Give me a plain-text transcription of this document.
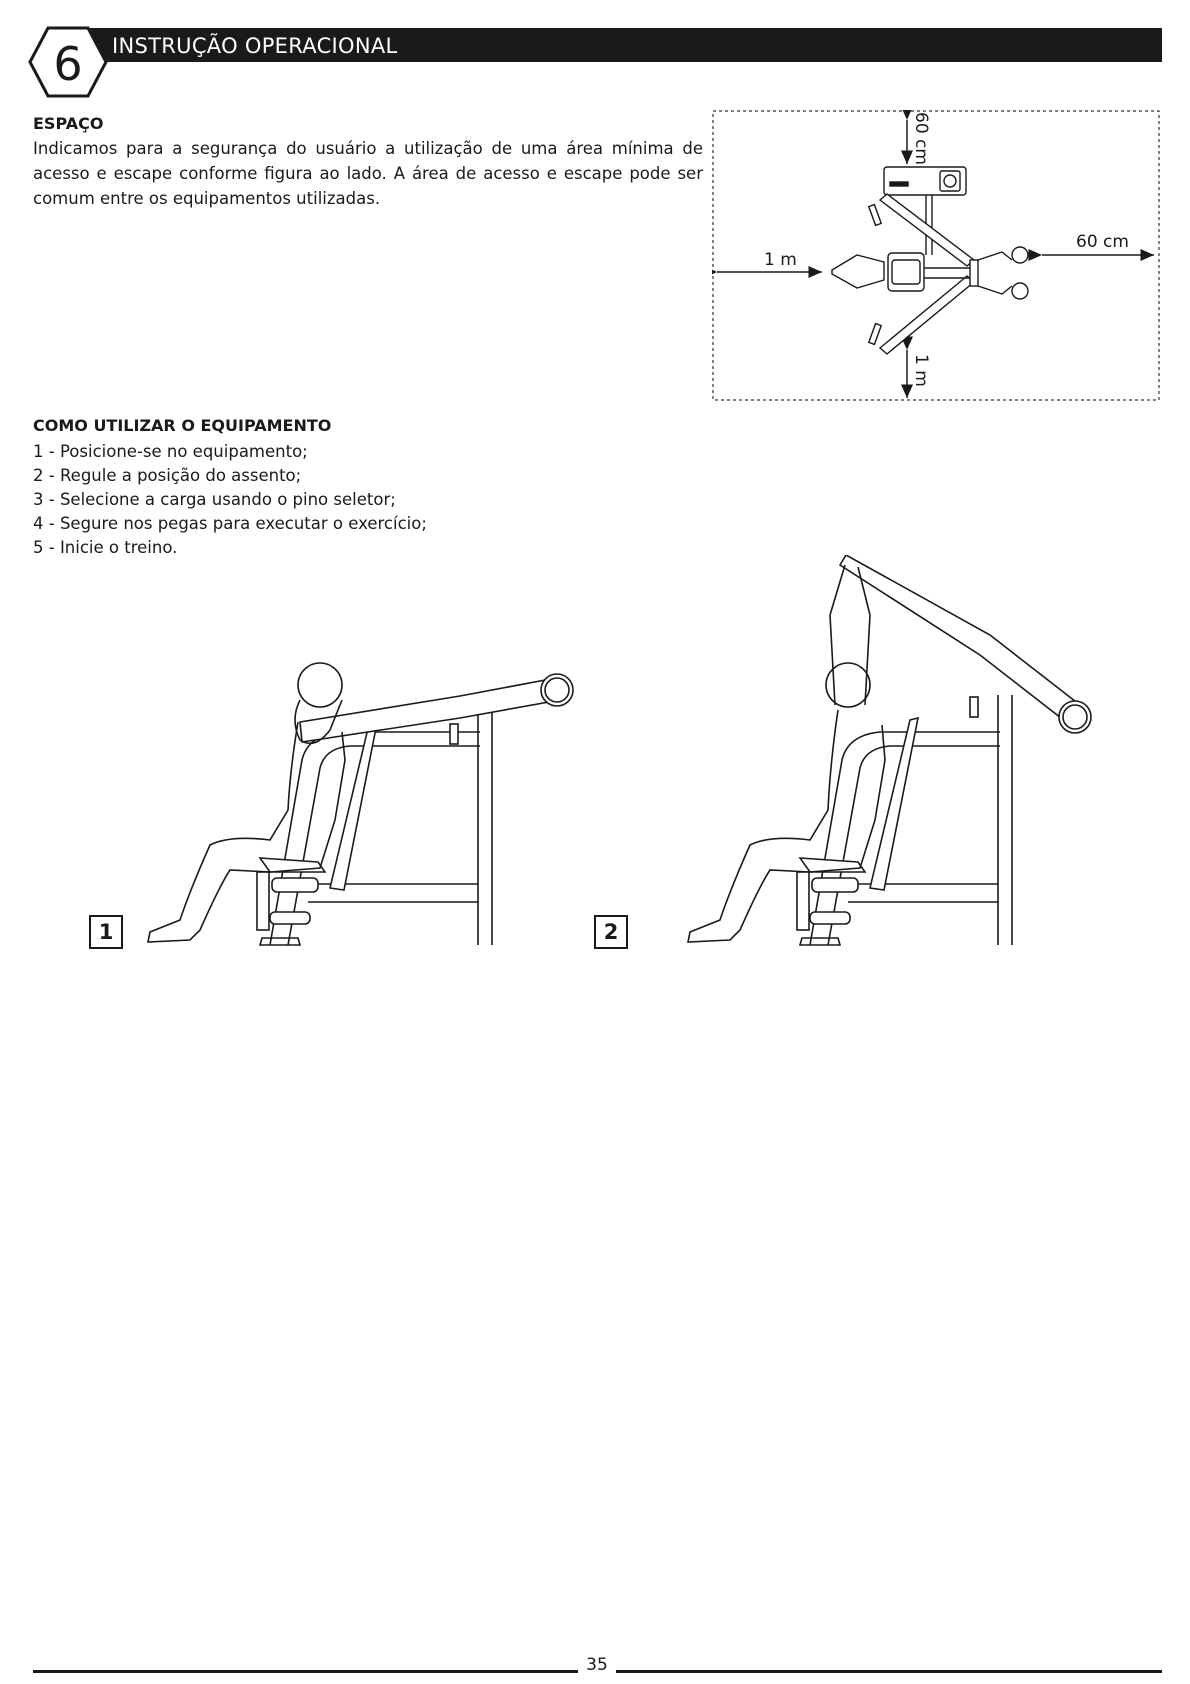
INSTRUÇÃO OPERACIONAL
6
ESPAÇO

Indicamos para a segurança do usuário a utilização de uma área mínima de acesso e escape conforme figura ao lado. A área de acesso e escape pode ser comum entre os equipamentos utilizadas.

60 cm
60 cm
1 m
1 m
COMO UTILIZAR O EQUIPAMENTO
1 - Posicione-se no equipamento;
2 - Regule a posição do assento;
3 - Selecione a carga usando o pino seletor;
4 - Segure nos pegas para executar o exercício;
5 - Inicie o treino.
1	2
35
